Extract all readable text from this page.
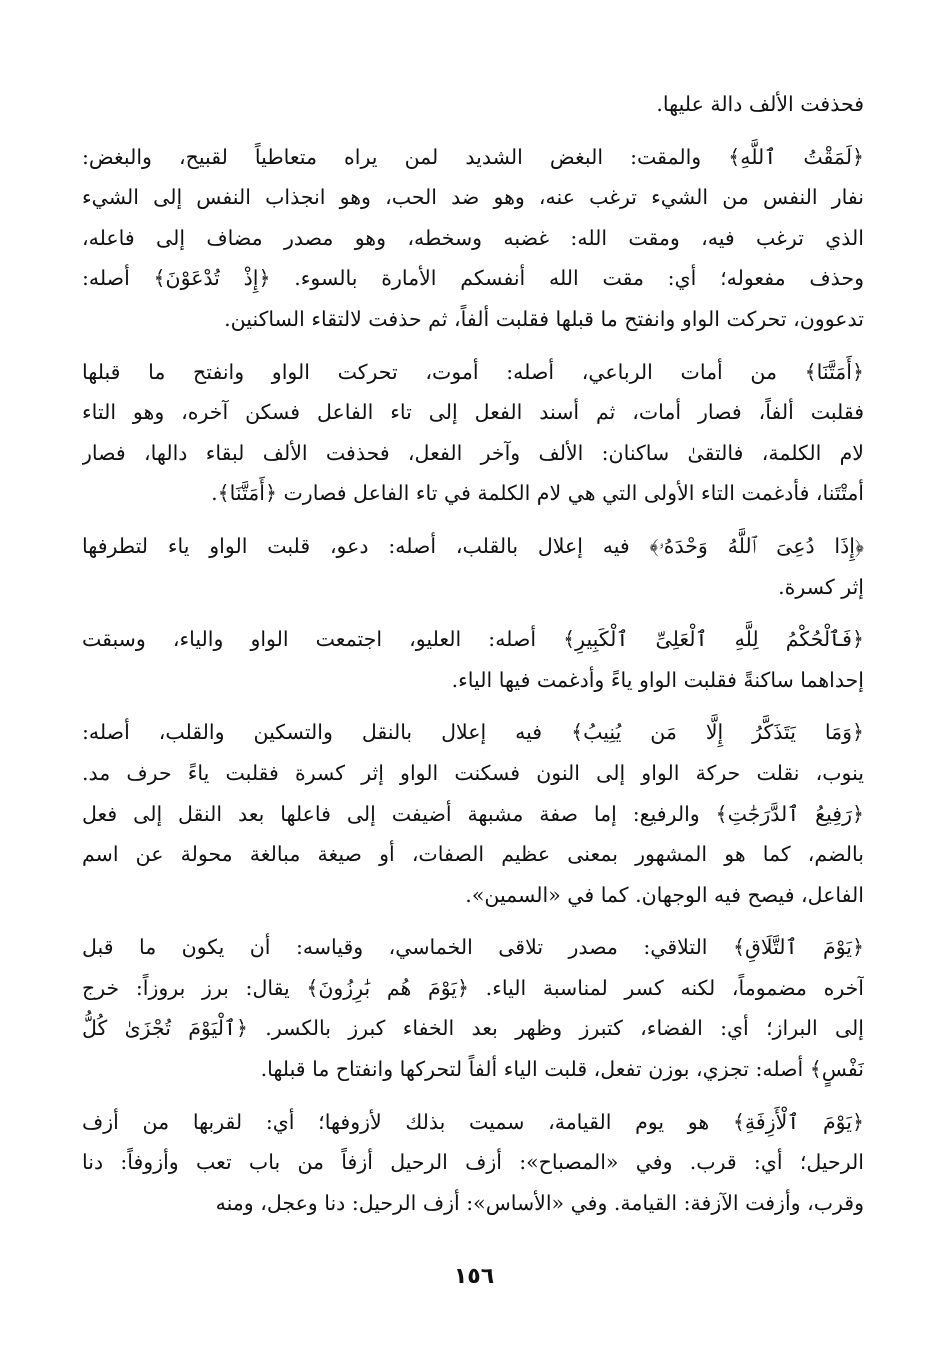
فحذفت الألف دالة عليها.
﴿لَمَقْتُ ٱللَّهِ﴾ والمقت: البغض الشديد لمن يراه متعاطياً لقبيح، والبغض:
نفار النفس من الشيء ترغب عنه، وهو ضد الحب، وهو انجذاب النفس إلى الشيء
الذي ترغب فيه، ومقت الله: غضبه وسخطه، وهو مصدر مضاف إلى فاعله،
وحذف مفعوله؛ أي: مقت الله أنفسكم الأمارة بالسوء. ﴿إِذْ تُدْعَوْنَ﴾ أصله:
تدعوون، تحركت الواو وانفتح ما قبلها فقلبت ألفاً، ثم حذفت لالتقاء الساكنين.
﴿أَمَتَّنَا﴾ من أمات الرباعي، أصله: أموت، تحركت الواو وانفتح ما قبلها
فقلبت ألفاً، فصار أمات، ثم أسند الفعل إلى تاء الفاعل فسكن آخره، وهو التاء
لام الكلمة، فالتقىٰ ساكنان: الألف وآخر الفعل، فحذفت الألف لبقاء دالها، فصار
أمتْتَنا، فأدغمت التاء الأولى التي هي لام الكلمة في تاء الفاعل فصارت ﴿أَمَتَّنَا﴾.
﴿إِذَا دُعِىَ ٱللَّهُ وَحْدَهُۥ﴾ فيه إعلال بالقلب، أصله: دعو، قلبت الواو ياء لتطرفها
إثر كسرة.
﴿فَٱلْحُكْمُ لِلَّهِ ٱلْعَلِىِّ ٱلْكَبِيرِ﴾ أصله: العليو، اجتمعت الواو والياء، وسبقت
إحداهما ساكنةً فقلبت الواو ياءً وأدغمت فيها الياء.
﴿وَمَا يَتَذَكَّرُ إِلَّا مَن يُنِيبُ﴾ فيه إعلال بالنقل والتسكين والقلب، أصله:
ينوب، نقلت حركة الواو إلى النون فسكنت الواو إثر كسرة فقلبت ياءً حرف مد.
﴿رَفِيعُ ٱلدَّرَجَٰتِ﴾ والرفيع: إما صفة مشبهة أضيفت إلى فاعلها بعد النقل إلى فعل
بالضم، كما هو المشهور بمعنى عظيم الصفات، أو صيغة مبالغة محولة عن اسم
الفاعل، فيصح فيه الوجهان. كما في «السمين».
﴿يَوْمَ ٱلتَّلَاقِ﴾ التلاقي: مصدر تلاقى الخماسي، وقياسه: أن يكون ما قبل
آخره مضموماً، لكنه كسر لمناسبة الياء. ﴿يَوْمَ هُم بَٰرِزُونَ﴾ يقال: برز بروزاً: خرج
إلى البراز؛ أي: الفضاء، كتبرز وظهر بعد الخفاء كبرز بالكسر. ﴿ٱلْيَوْمَ تُجْزَىٰ كُلُّ
نَفْسٍ﴾ أصله: تجزي، بوزن تفعل، قلبت الياء ألفاً لتحركها وانفتاح ما قبلها.
﴿يَوْمَ ٱلْأَزِفَةِ﴾ هو يوم القيامة، سميت بذلك لأزوفها؛ أي: لقربها من أزف
الرحيل؛ أي: قرب. وفي «المصباح»: أزف الرحيل أزفاً من باب تعب وأزوفاً: دنا
وقرب، وأزفت الآزفة: القيامة. وفي «الأساس»: أزف الرحيل: دنا وعجل، ومنه
١٥٦
